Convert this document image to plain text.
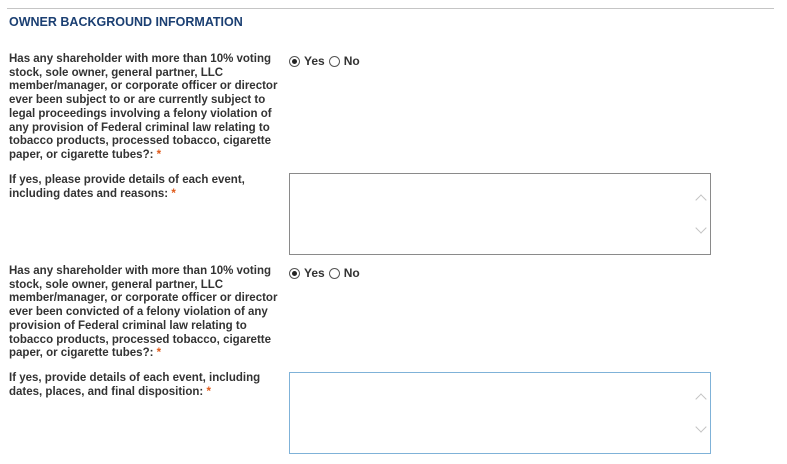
OWNER BACKGROUND INFORMATION
Has any shareholder with more than 10% voting stock, sole owner, general partner, LLC member/manager, or corporate officer or director ever been subject to or are currently subject to legal proceedings involving a felony violation of any provision of Federal criminal law relating to tobacco products, processed tobacco, cigarette paper, or cigarette tubes?: *
Yes No
If yes, please provide details of each event, including dates and reasons: *
Has any shareholder with more than 10% voting stock, sole owner, general partner, LLC member/manager, or corporate officer or director ever been convicted of a felony violation of any provision of Federal criminal law relating to tobacco products, processed tobacco, cigarette paper, or cigarette tubes?: *
Yes No
If yes, provide details of each event, including dates, places, and final disposition: *
